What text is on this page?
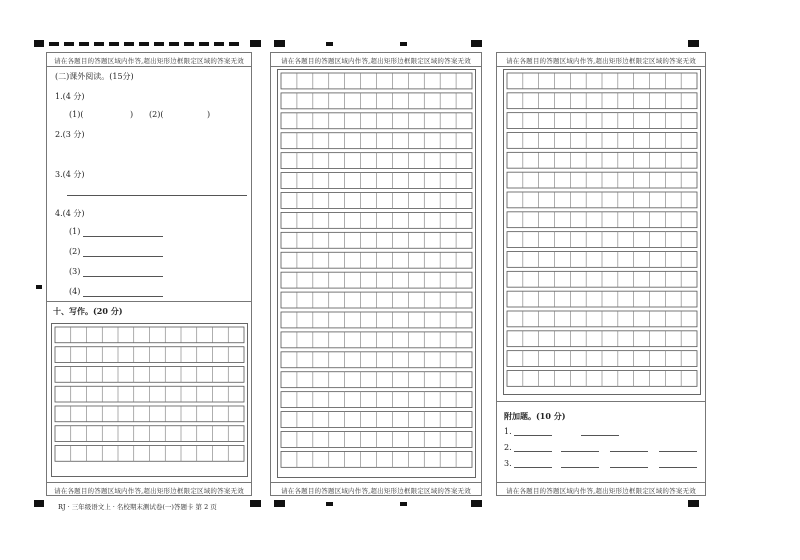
请在各题目的答题区域内作答,超出矩形边框限定区域的答案无效
(二)课外阅读。(15分)
1.(4 分)
(1)(	) (2)(	)
2.(3 分)
3.(4 分)
4.(4 分)
(1)
(2)
(3)
(4)
十、写作。(20 分)
请在各题目的答题区域内作答,超出矩形边框限定区域的答案无效
请在各题目的答题区域内作答,超出矩形边框限定区域的答案无效
请在各题目的答题区域内作答,超出矩形边框限定区域的答案无效
请在各题目的答题区域内作答,超出矩形边框限定区域的答案无效
附加题。(10 分)
1.
2.
3.
请在各题目的答题区域内作答,超出矩形边框限定区域的答案无效
RJ · 三年级语文上 · 名校期末测试卷(一)答题卡 第 2 页
